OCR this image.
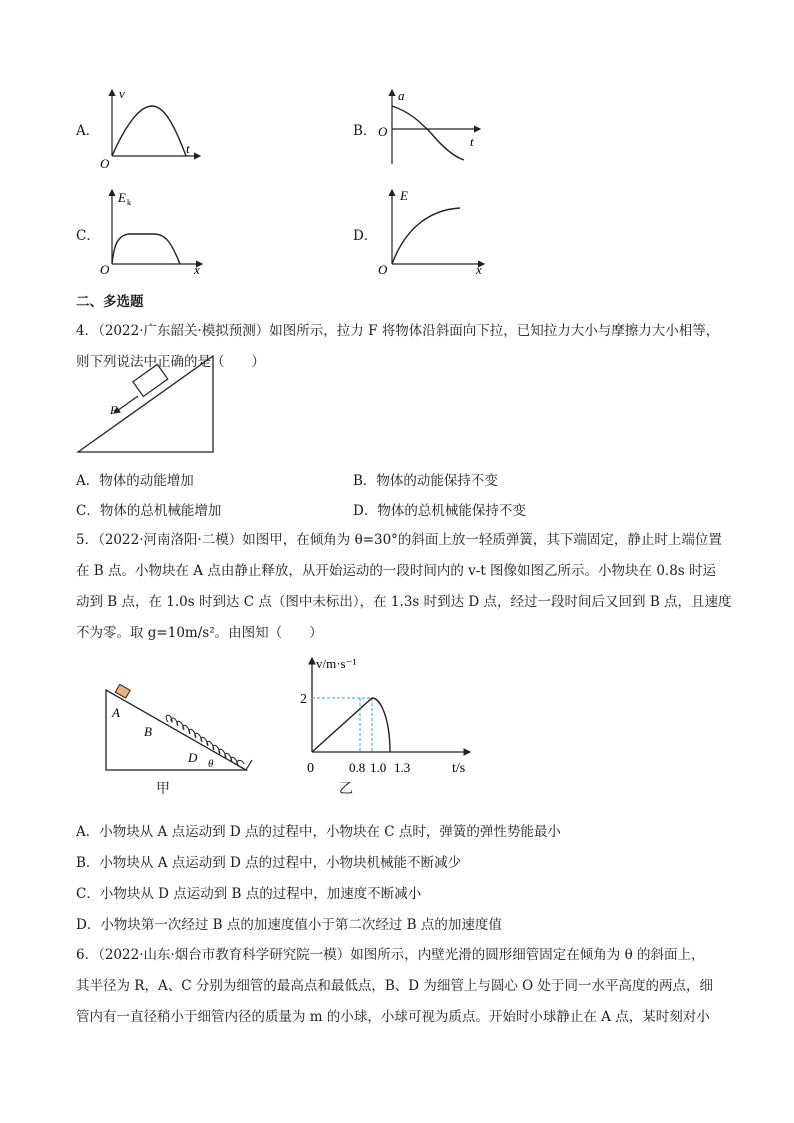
A．
v
t
O
B．
a
t
O
C．
E k
x
O
D．
E
x
O
二、多选题
4．（2022·广东韶关·模拟预测）如图所示，拉力 F 将物体沿斜面向下拉，已知拉力大小与摩擦力大小相等，
则下列说法中正确的是（　　）
F
A．物体的动能增加	B．物体的动能保持不变
C．物体的总机械能增加	D．物体的总机械能保持不变
5．（2022·河南洛阳·二模）如图甲，在倾角为 θ=30°的斜面上放一轻质弹簧，其下端固定，静止时上端位置
在 B 点。小物块在 A 点由静止释放，从开始运动的一段时间内的 v-t 图像如图乙所示。小物块在 0.8s 时运
动到 B 点，在 1.0s 时到达 C 点（图中未标出），在 1.3s 时到达 D 点，经过一段时间后又回到 B 点，且速度
不为零。取 g=10m/s²。由图知（　　）
A
B
D θ
甲
v/m·s⁻¹
t/s
0
2
0.8 1.0 1.3
乙
A．小物块从 A 点运动到 D 点的过程中，小物块在 C 点时，弹簧的弹性势能最小
B．小物块从 A 点运动到 D 点的过程中，小物块机械能不断减少
C．小物块从 D 点运动到 B 点的过程中，加速度不断减小
D．小物块第一次经过 B 点的加速度值小于第二次经过 B 点的加速度值
6．（2022·山东·烟台市教育科学研究院一模）如图所示，内壁光滑的圆形细管固定在倾角为 θ 的斜面上，
其半径为 R，A、C 分别为细管的最高点和最低点，B、D 为细管上与圆心 O 处于同一水平高度的两点，细
管内有一直径稍小于细管内径的质量为 m 的小球，小球可视为质点。开始时小球静止在 A 点，某时刻对小
